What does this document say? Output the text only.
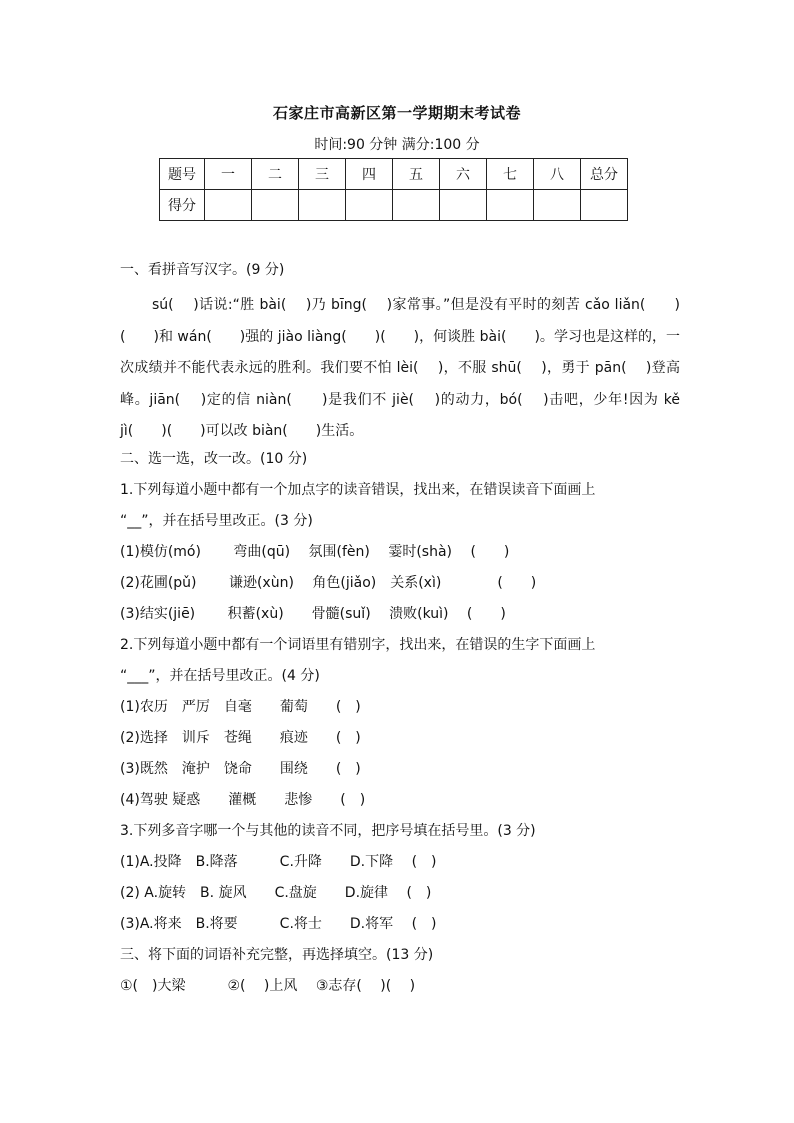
石家庄市高新区第一学期期末考试卷
时间:90 分钟 满分:100 分
题号	一	二	三	四	五	六	七	八	总分
得分									
一、看拼音写汉字。(9 分)
sú(　 )话说:“胜 bài(　 )乃 bīng(　 )家常事。”但是没有平时的刻苦 cǎo liǎn(　　)(　　)和 wán(　　)强的 jiào liàng(　　)(　　)，何谈胜 bài(　　)。学习也是这样的，一次成绩并不能代表永远的胜利。我们要不怕 lèi(　 )，不服 shū(　 )，勇于 pān(　 )登高峰。jiān(　 )定的信 niàn(　　)是我们不 jiè(　 )的动力，bó(　 )击吧，少年!因为 kě jì(　　)(　　)可以改 biàn(　　)生活。
二、选一选，改一改。(10 分)
1.下列每道小题中都有一个加点字的读音错误，找出来，在错误读音下面画上
“__”，并在括号里改正。(3 分)
(1)模仿(mó)　　 弯曲(qū)　 氛围(fèn)　 霎时(shà)　 (　　)
(2)花圃(pǔ)　　 谦逊(xùn)　 角色(jiǎo)　关系(xì)　　　　(　　)
(3)结实(jiē)　　 积蓄(xù)　　骨髓(suǐ)　 溃败(kuì)　 (　　)
2.下列每道小题中都有一个词语里有错别字，找出来，在错误的生字下面画上
“___”，并在括号里改正。(4 分)
(1)农历　严厉　自毫　　葡萄　　(　)
(2)选择　训斥　苍绳　　痕迹　　(　)
(3)既然　淹护　饶命　　围绕　　(　)
(4)驾驶 疑惑　　灌概　　悲惨　　(　)
3.下列多音字哪一个与其他的读音不同，把序号填在括号里。(3 分)
(1)A.投降　B.降落　　　C.升降　　D.下降　 (　)
(2) A.旋转　B. 旋风　　C.盘旋　　D.旋律　 (　)
(3)A.将来　B.将要　　　C.将士　　D.将军　 (　)
三、将下面的词语补充完整，再选择填空。(13 分)
①(　)大梁　　　②(　 )上风　 ③志存(　 )(　 )
